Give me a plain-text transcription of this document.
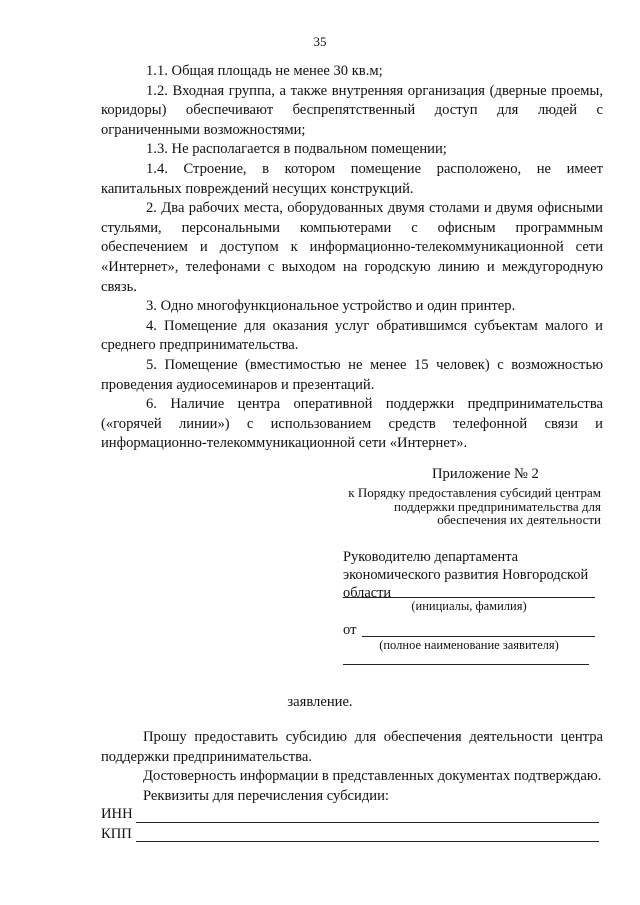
35

1.1. Общая площадь не менее 30 кв.м;

1.2. Входная группа, а также внутренняя организация (дверные проемы, коридоры) обеспечивают беспрепятственный доступ для людей с ограниченными возможностями;

1.3. Не располагается в подвальном помещении;

1.4. Строение, в котором помещение расположено, не имеет капитальных повреждений несущих конструкций.

2. Два рабочих места, оборудованных двумя столами и двумя офисными стульями, персональными компьютерами с офисным программным обеспечением и доступом к информационно-телекоммуникационной сети «Интернет», телефонами с выходом на городскую линию и междугородную связь.

3. Одно многофункциональное устройство и один принтер.

4. Помещение для оказания услуг обратившимся субъектам малого и среднего предпринимательства.

5. Помещение (вместимостью не менее 15 человек) с возможностью проведения аудиосеминаров и презентаций.

6. Наличие центра оперативной поддержки предпринимательства («горячей линии») с использованием средств телефонной связи и информационно-телекоммуникационной сети «Интернет».

Приложение № 2
к Порядку предоставления субсидий центрам поддержки предпринимательства для обеспечения их деятельности
Руководителю департамента экономического развития Новгородской области
(инициалы, фамилия)
от
(полное наименование заявителя)
заявление.

Прошу предоставить субсидию для обеспечения деятельности центра поддержки предпринимательства.

Достоверность информации в представленных документах подтверждаю.

Реквизиты для перечисления субсидии:

ИНН
КПП
